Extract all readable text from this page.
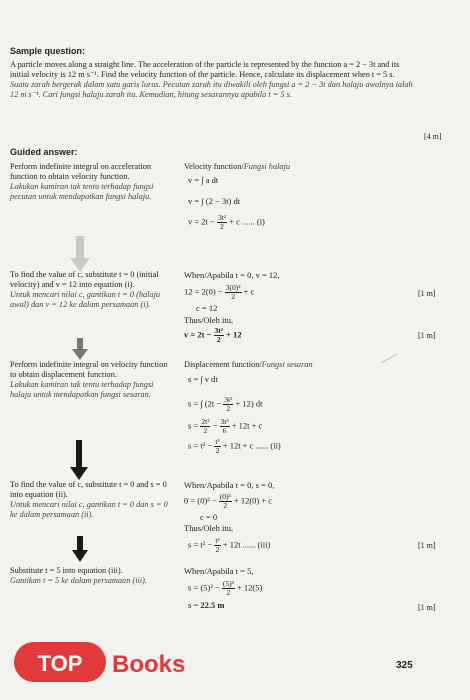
Sample question:
A particle moves along a straight line. The acceleration of the particle is represented by the function a = 2 − 3t and its initial velocity is 12 m s⁻¹. Find the velocity function of the particle. Hence, calculate its displacement when t = 5 s.
Suatu zarah bergerak dalam satu garis lurus. Pecutan zarah itu diwakili oleh fungsi a = 2 − 3t dan halaju awalnya ialah 12 m s⁻¹. Cari fungsi halaju zarah itu. Kemudian, hitung sesarannya apabila t = 5 s.
[4 m]
Guided answer:
Perform indefinite integral on acceleration function to obtain velocity function.
Lakukan kamiran tak tentu terhadap fungsi pecutan untuk mendapatkan fungsi halaju.
Velocity function/Fungsi halaju
v = ∫ a dt
v = ∫ (2 − 3t) dt
$v = 2t - \frac{\text{3t²}}{2} + c$ ...... (i)
To find the value of c, substitute t = 0 (initial velocity) and v = 12 into equation (i).
Untuk mencari nilai c, gantikan t = 0 (halaju awal) dan v = 12 ke dalam persamaan (i).
When/Apabila t = 0, v = 12,
$12 = 2(0) - \frac{\text{3(0)²}}{2} + c$	[1 m]
c = 12
Thus/Oleh itu,
$v = 2t - \frac{\text{3t²}}{2} + 12$	[1 m]
Perform indefinite integral on velocity function to obtain displacement function.
Lakukan kamiran tak tentu terhadap fungsi halaju untuk mendapatkan fungsi sesaran.
Displacement function/Fungsi sesaran
s = ∫ v dt
s = ∫ $(2t - \frac{\text{3t²}}{2} + 12)$ dt
$s = \frac{\text{2t²}}{2} - \frac{\text{3t³}}{6} + 12t + c$
$s = t^2 - \frac{\text{t³}}{2} + 12t + c$ ...... (ii)
To find the value of c, substitute t = 0 and s = 0 into equation (ii).
Untuk mencari nilai c, gantikan t = 0 dan s = 0 ke dalam persamaan (ii).
When/Apabila t = 0, s = 0,
$0 = (0)^2 - \frac{\text{(0)³}}{2} + 12(0) + c$
c = 0
Thus/Oleh itu,
$s = t^2 - \frac{\text{t³}}{2} + 12t$ ...... (iii)	[1 m]
Substitute t = 5 into equation (iii).
Gantikan t = 5 ke dalam persamaan (iii).
When/Apabila t = 5,
$s = (5)^2 - \frac{\text{(5)³}}{2} + 12(5)$
s = 22.5 m	[1 m]
TOP Books	325
